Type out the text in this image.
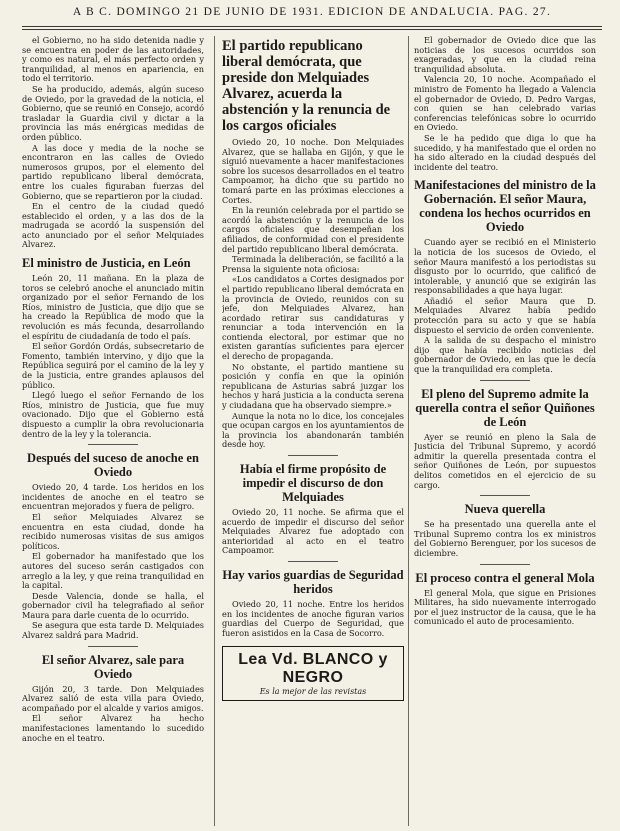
A B C. DOMINGO 21 DE JUNIO DE 1931. EDICION DE ANDALUCIA. PAG. 27.

el Gobierno, no ha sido detenida nadie y se encuentra en poder de las autoridades, y como es natural, el más perfecto orden y tranquilidad, al menos en apariencia, en todo el territorio.

Se ha producido, además, algún suceso de Oviedo, por la gravedad de la noticia, el Gobierno, que se reunió en Consejo, acordó trasladar la Guardia civil y dictar a la provincia las más enérgicas medidas de orden público.

A las doce y media de la noche se encontraron en las calles de Oviedo numerosos grupos, por el elemento del partido republicano liberal demócrata, entre los cuales figuraban fuerzas del Gobierno, que se repartieron por la ciudad.

En el centro de la ciudad quedó establecido el orden, y a las dos de la madrugada se acordó la suspensión del acto anunciado por el señor Melquiades Alvarez.

El ministro de Justicia, en León

León 20, 11 mañana. En la plaza de toros se celebró anoche el anunciado mitin organizado por el señor Fernando de los Ríos, ministro de Justicia, que dijo que se ha creado la República de modo que la revolución es más fecunda, desarrollando el espíritu de ciudadanía de todo el país.

El señor Gordón Ordás, subsecretario de Fomento, también intervino, y dijo que la República seguirá por el camino de la ley y de la justicia, entre grandes aplausos del público.

Llegó luego el señor Fernando de los Ríos, ministro de Justicia, que fue muy ovacionado. Dijo que el Gobierno está dispuesto a cumplir la obra revolucionaria dentro de la ley y la tolerancia.

Después del suceso de anoche en Oviedo

Oviedo 20, 4 tarde. Los heridos en los incidentes de anoche en el teatro se encuentran mejorados y fuera de peligro.

El señor Melquiades Alvarez se encuentra en esta ciudad, donde ha recibido numerosas visitas de sus amigos políticos.

El gobernador ha manifestado que los autores del suceso serán castigados con arreglo a la ley, y que reina tranquilidad en la capital.

Desde Valencia, donde se halla, el gobernador civil ha telegrafiado al señor Maura para darle cuenta de lo ocurrido.

Se asegura que esta tarde D. Melquiades Alvarez saldrá para Madrid.

El señor Alvarez, sale para Oviedo

Gijón 20, 3 tarde. Don Melquiades Alvarez salió de esta villa para Oviedo, acompañado por el alcalde y varios amigos.

El señor Alvarez ha hecho manifestaciones lamentando lo sucedido anoche en el teatro.

El partido republicano liberal demócrata, que preside don Melquiades Alvarez, acuerda la abstención y la renuncia de los cargos oficiales

Oviedo 20, 10 noche. Don Melquiades Alvarez, que se hallaba en Gijón, y que le siguió nuevamente a hacer manifestaciones sobre los sucesos desarrollados en el teatro Campoamor, ha dicho que su partido no tomará parte en las próximas elecciones a Cortes.

En la reunión celebrada por el partido se acordó la abstención y la renuncia de los cargos oficiales que desempeñan los afiliados, de conformidad con el presidente del partido republicano liberal demócrata.

Terminada la deliberación, se facilitó a la Prensa la siguiente nota oficiosa:

«Los candidatos a Cortes designados por el partido republicano liberal demócrata en la provincia de Oviedo, reunidos con su jefe, don Melquiades Alvarez, han acordado retirar sus candidaturas y renunciar a toda intervención en la contienda electoral, por estimar que no existen garantías suficientes para ejercer el derecho de propaganda.

No obstante, el partido mantiene su posición y confía en que la opinión republicana de Asturias sabrá juzgar los hechos y hará justicia a la conducta serena y ciudadana que ha observado siempre.»

Aunque la nota no lo dice, los concejales que ocupan cargos en los ayuntamientos de la provincia los abandonarán también desde hoy.

Había el firme propósito de impedir el discurso de don Melquiades

Oviedo 20, 11 noche. Se afirma que el acuerdo de impedir el discurso del señor Melquiades Alvarez fue adoptado con anterioridad al acto en el teatro Campoamor.

Hay varios guardias de Seguridad heridos

Oviedo 20, 11 noche. Entre los heridos en los incidentes de anoche figuran varios guardias del Cuerpo de Seguridad, que fueron asistidos en la Casa de Socorro.

Lea Vd. BLANCO y NEGRO
Es la mejor de las revistas

El gobernador de Oviedo dice que las noticias de los sucesos ocurridos son exageradas, y que en la ciudad reina tranquilidad absoluta.

Valencia 20, 10 noche. Acompañado el ministro de Fomento ha llegado a Valencia el gobernador de Oviedo, D. Pedro Vargas, con quien se han celebrado varias conferencias telefónicas sobre lo ocurrido en Oviedo.

Se le ha pedido que diga lo que ha sucedido, y ha manifestado que el orden no ha sido alterado en la ciudad después del incidente del teatro.

Manifestaciones del ministro de la Gobernación. El señor Maura, condena los hechos ocurridos en Oviedo

Cuando ayer se recibió en el Ministerio la noticia de los sucesos de Oviedo, el señor Maura manifestó a los periodistas su disgusto por lo ocurrido, que calificó de intolerable, y anunció que se exigirán las responsabilidades a que haya lugar.

Añadió el señor Maura que D. Melquiades Alvarez había pedido protección para su acto y que se había dispuesto el servicio de orden conveniente.

A la salida de su despacho el ministro dijo que había recibido noticias del gobernador de Oviedo, en las que le decía que la tranquilidad era completa.

El pleno del Supremo admite la querella contra el señor Quiñones de León

Ayer se reunió en pleno la Sala de Justicia del Tribunal Supremo, y acordó admitir la querella presentada contra el señor Quiñones de León, por supuestos delitos cometidos en el ejercicio de su cargo.

Nueva querella

Se ha presentado una querella ante el Tribunal Supremo contra los ex ministros del Gobierno Berenguer, por los sucesos de diciembre.

El proceso contra el general Mola

El general Mola, que sigue en Prisiones Militares, ha sido nuevamente interrogado por el juez instructor de la causa, que le ha comunicado el auto de procesamiento.
